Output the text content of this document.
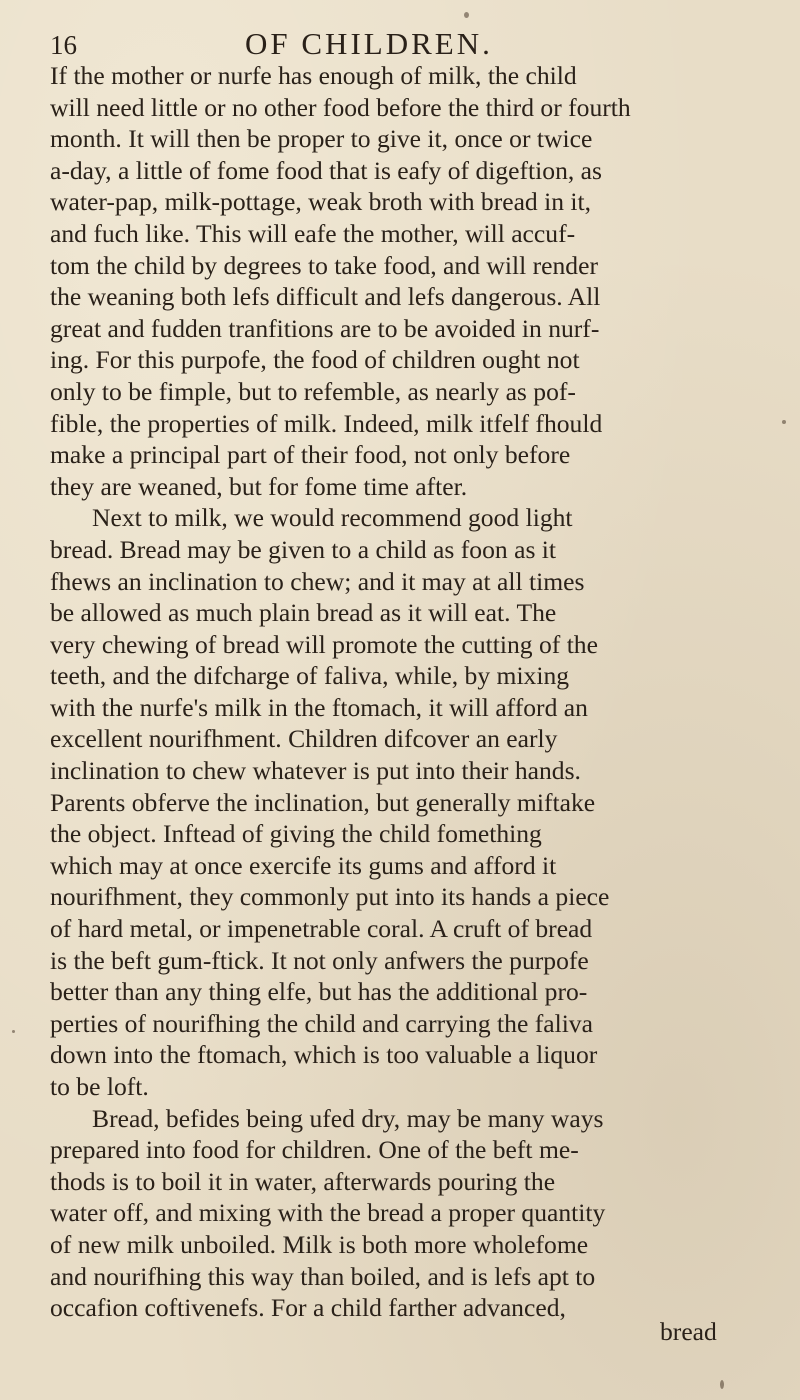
16	OF CHILDREN.
If the mother or nurfe has enough of milk, the child
will need little or no other food before the third or fourth
month. It will then be proper to give it, once or twice
a-day, a little of fome food that is eafy of digeftion, as
water-pap, milk-pottage, weak broth with bread in it,
and fuch like. This will eafe the mother, will accuf-
tom the child by degrees to take food, and will render
the weaning both lefs difficult and lefs dangerous. All
great and fudden tranfitions are to be avoided in nurf-
ing. For this purpofe, the food of children ought not
only to be fimple, but to refemble, as nearly as pof-
fible, the properties of milk. Indeed, milk itfelf fhould
make a principal part of their food, not only before
they are weaned, but for fome time after.
Next to milk, we would recommend good light
bread. Bread may be given to a child as foon as it
fhews an inclination to chew; and it may at all times
be allowed as much plain bread as it will eat. The
very chewing of bread will promote the cutting of the
teeth, and the difcharge of faliva, while, by mixing
with the nurfe's milk in the ftomach, it will afford an
excellent nourifhment. Children difcover an early
inclination to chew whatever is put into their hands.
Parents obferve the inclination, but generally miftake
the object. Inftead of giving the child fomething
which may at once exercife its gums and afford it
nourifhment, they commonly put into its hands a piece
of hard metal, or impenetrable coral. A cruft of bread
is the beft gum-ftick. It not only anfwers the purpofe
better than any thing elfe, but has the additional pro-
perties of nourifhing the child and carrying the faliva
down into the ftomach, which is too valuable a liquor
to be loft.
Bread, befides being ufed dry, may be many ways
prepared into food for children. One of the beft me-
thods is to boil it in water, afterwards pouring the
water off, and mixing with the bread a proper quantity
of new milk unboiled. Milk is both more wholefome
and nourifhing this way than boiled, and is lefs apt to
occafion coftivenefs. For a child farther advanced,
bread
